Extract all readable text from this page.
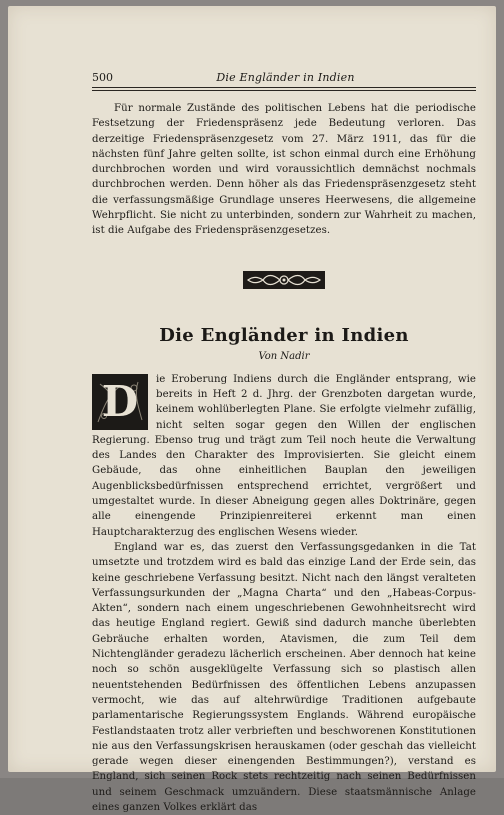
500	Die Engländer in Indien

Für normale Zustände des politischen Lebens hat die periodische Festsetzung der Friedenspräsenz jede Bedeutung verloren. Das derzeitige Friedenspräsenzgesetz vom 27. März 1911, das für die nächsten fünf Jahre gelten sollte, ist schon einmal durch eine Erhöhung durchbrochen worden und wird voraussichtlich demnächst nochmals durchbrochen werden. Denn höher als das Friedenspräsenzgesetz steht die verfassungsmäßige Grundlage unseres Heerwesens, die allgemeine Wehrpflicht. Sie nicht zu unterbinden, sondern zur Wahrheit zu machen, ist die Aufgabe des Friedenspräsenzgesetzes.

Die Engländer in Indien
Von Nadir

D	ie Eroberung Indiens durch die Engländer entsprang, wie bereits in Heft 2 d. Jhrg. der Grenzboten dargetan wurde, keinem wohlüberlegten Plane. Sie erfolgte vielmehr zufällig, nicht selten sogar gegen den Willen der englischen Regierung. Ebenso trug und trägt zum Teil noch heute die Verwaltung des Landes den Charakter des Improvisierten. Sie gleicht einem Gebäude, das ohne einheitlichen Bauplan den jeweiligen Augenblicksbedürfnissen entsprechend errichtet, vergrößert und umgestaltet wurde. In dieser Abneigung gegen alles Doktrinäre, gegen alle einengende Prinzipienreiterei erkennt man einen Hauptcharakterzug des englischen Wesens wieder.

England war es, das zuerst den Verfassungsgedanken in die Tat umsetzte und trotzdem wird es bald das einzige Land der Erde sein, das keine geschriebene Verfassung besitzt. Nicht nach den längst veralteten Verfassungsurkunden der „Magna Charta“ und den „Habeas-Corpus-Akten“, sondern nach einem ungeschriebenen Gewohnheitsrecht wird das heutige England regiert. Gewiß sind dadurch manche überlebten Gebräuche erhalten worden, Atavismen, die zum Teil dem Nichtengländer geradezu lächerlich erscheinen. Aber dennoch hat keine noch so schön ausgeklügelte Verfassung sich so plastisch allen neuentstehenden Bedürfnissen des öffentlichen Lebens anzupassen vermocht, wie das auf altehrwürdige Traditionen aufgebaute parlamentarische Regierungssystem Englands. Während europäische Festlandstaaten trotz aller verbrieften und beschworenen Konstitutionen nie aus den Verfassungskrisen herauskamen (oder geschah das vielleicht gerade wegen dieser einengenden Bestimmungen?), verstand es England, sich seinen Rock stets rechtzeitig nach seinen Bedürfnissen und seinem Geschmack umzuändern. Diese staatsmännische Anlage eines ganzen Volkes erklärt das
